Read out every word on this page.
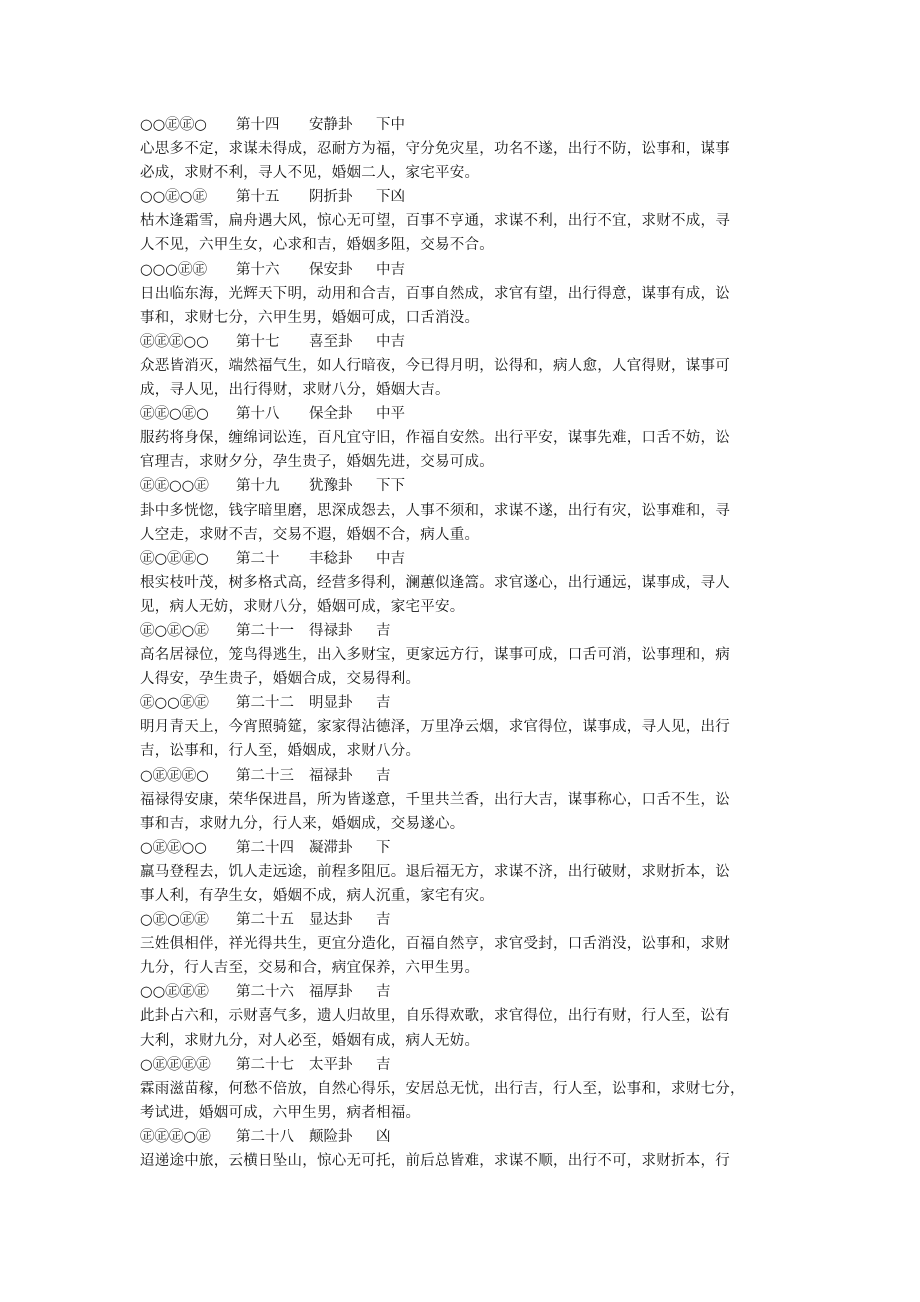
○○㊣㊣○ 第十四 安静卦 下中
心思多不定，求谋未得成，忍耐方为福，守分免灾星，功名不遂，出行不防，讼事和，谋事
必成，求财不利，寻人不见，婚姻二人，家宅平安。
○○㊣○㊣ 第十五 阴折卦 下凶
枯木逢霜雪，扁舟遇大风，惊心无可望，百事不亨通，求谋不利，出行不宜，求财不成，寻
人不见，六甲生女，心求和吉，婚姻多阻，交易不合。
○○○㊣㊣ 第十六 保安卦 中吉
日出临东海，光辉天下明，动用和合吉，百事自然成，求官有望，出行得意，谋事有成，讼
事和，求财七分，六甲生男，婚姻可成，口舌消没。
㊣㊣㊣○○ 第十七 喜至卦 中吉
众恶皆消灭，端然福气生，如人行暗夜，今已得月明，讼得和，病人愈，人官得财，谋事可
成，寻人见，出行得财，求财八分，婚姻大吉。
㊣㊣○㊣○ 第十八 保全卦 中平
服药将身保，缠绵词讼连，百凡宜守旧，作福自安然。出行平安，谋事先难，口舌不妨，讼
官理吉，求财夕分，孕生贵子，婚姻先进，交易可成。
㊣㊣○○㊣ 第十九 犹豫卦 下下
卦中多恍惚，钱字暗里磨，思深成怨去，人事不须和，求谋不遂，出行有灾，讼事难和，寻
人空走，求财不吉，交易不遐，婚姻不合，病人重。
㊣○㊣㊣○ 第二十 丰稔卦 中吉
根实枝叶茂，树多格式高，经营多得利，澜蕙似逢篙。求官遂心，出行通远，谋事成，寻人
见，病人无妨，求财八分，婚姻可成，家宅平安。
㊣○㊣○㊣ 第二十一 得禄卦 吉
高名居禄位，笼鸟得逃生，出入多财宝，更家远方行，谋事可成，口舌可消，讼事理和，病
人得安，孕生贵子，婚姻合成，交易得利。
㊣○○㊣㊣ 第二十二 明显卦 吉
明月青天上，今宵照骑筵，家家得沾德泽，万里净云烟，求官得位，谋事成，寻人见，出行
吉，讼事和，行人至，婚姻成，求财八分。
○㊣㊣㊣○ 第二十三 福禄卦 吉
福禄得安康，荣华保进昌，所为皆遂意，千里共兰香，出行大吉，谋事称心，口舌不生，讼
事和吉，求财九分，行人来，婚姻成，交易遂心。
○㊣㊣○○ 第二十四 凝滞卦 下
羸马登程去，饥人走远途，前程多阻厄。退后福无方，求谋不济，出行破财，求财折本，讼
事人利，有孕生女，婚姻不成，病人沉重，家宅有灾。
○㊣○㊣㊣ 第二十五 显达卦 吉
三姓俱相伴，祥光得共生，更宜分造化，百福自然亨，求官受封，口舌消没，讼事和，求财
九分，行人吉至，交易和合，病宜保养，六甲生男。
○○㊣㊣㊣ 第二十六 福厚卦 吉
此卦占六和，示财喜气多，遗人归故里，自乐得欢歌，求官得位，出行有财，行人至，讼有
大利，求财九分，对人必至，婚姻有成，病人无妨。
○㊣㊣㊣㊣ 第二十七 太平卦 吉
霖雨滋苗稼，何愁不倍放，自然心得乐，安居总无忧，出行吉，行人至，讼事和，求财七分，
考试进，婚姻可成，六甲生男，病者相福。
㊣㊣㊣○㊣ 第二十八 颠险卦 凶
迢递途中旅，云横日坠山，惊心无可托，前后总皆难，求谋不顺，出行不可，求财折本，行
